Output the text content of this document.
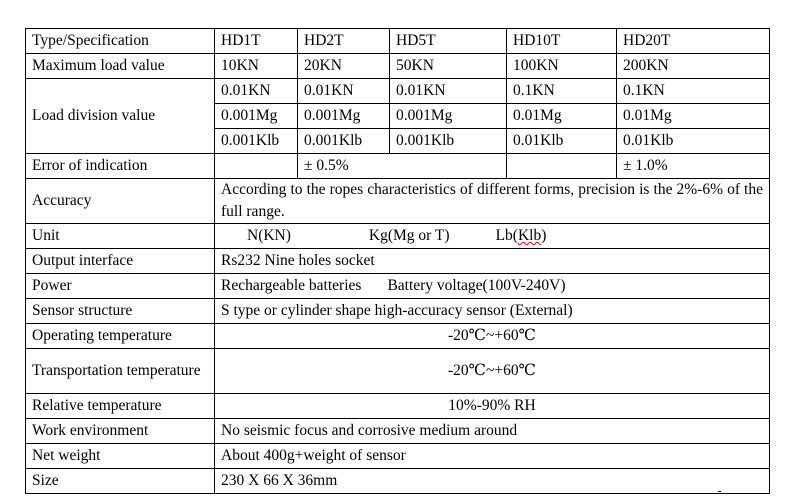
Type/Specification	HD1T	HD2T	HD5T	HD10T	HD20T
Maximum load value	10KN	20KN	50KN	100KN	200KN
Load division value	0.01KN	0.01KN	0.01KN	0.1KN	0.1KN
	0.001Mg	0.001Mg	0.001Mg	0.01Mg	0.01Mg
	0.001Klb	0.001Klb	0.001Klb	0.01Klb	0.01Klb
Error of indication		± 0.5%			± 1.0%
Accuracy	According to the ropes characteristics of different forms, precision is the 2%-6% of the full range.				
Unit	N(KN) Kg(Mg or T) Lb(Klb)				
Output interface	Rs232 Nine holes socket				
Power	Rechargeable batteries Battery voltage(100V-240V)				
Sensor structure	S type or cylinder shape high-accuracy sensor (External)				
Operating temperature	-20℃~+60℃				
Transportation temperature	-20℃~+60℃				
Relative temperature	10%-90% RH				
Work environment	No seismic focus and corrosive medium around				
Net weight	About 400g+weight of sensor				
Size	230 X 66 X 36mm				
